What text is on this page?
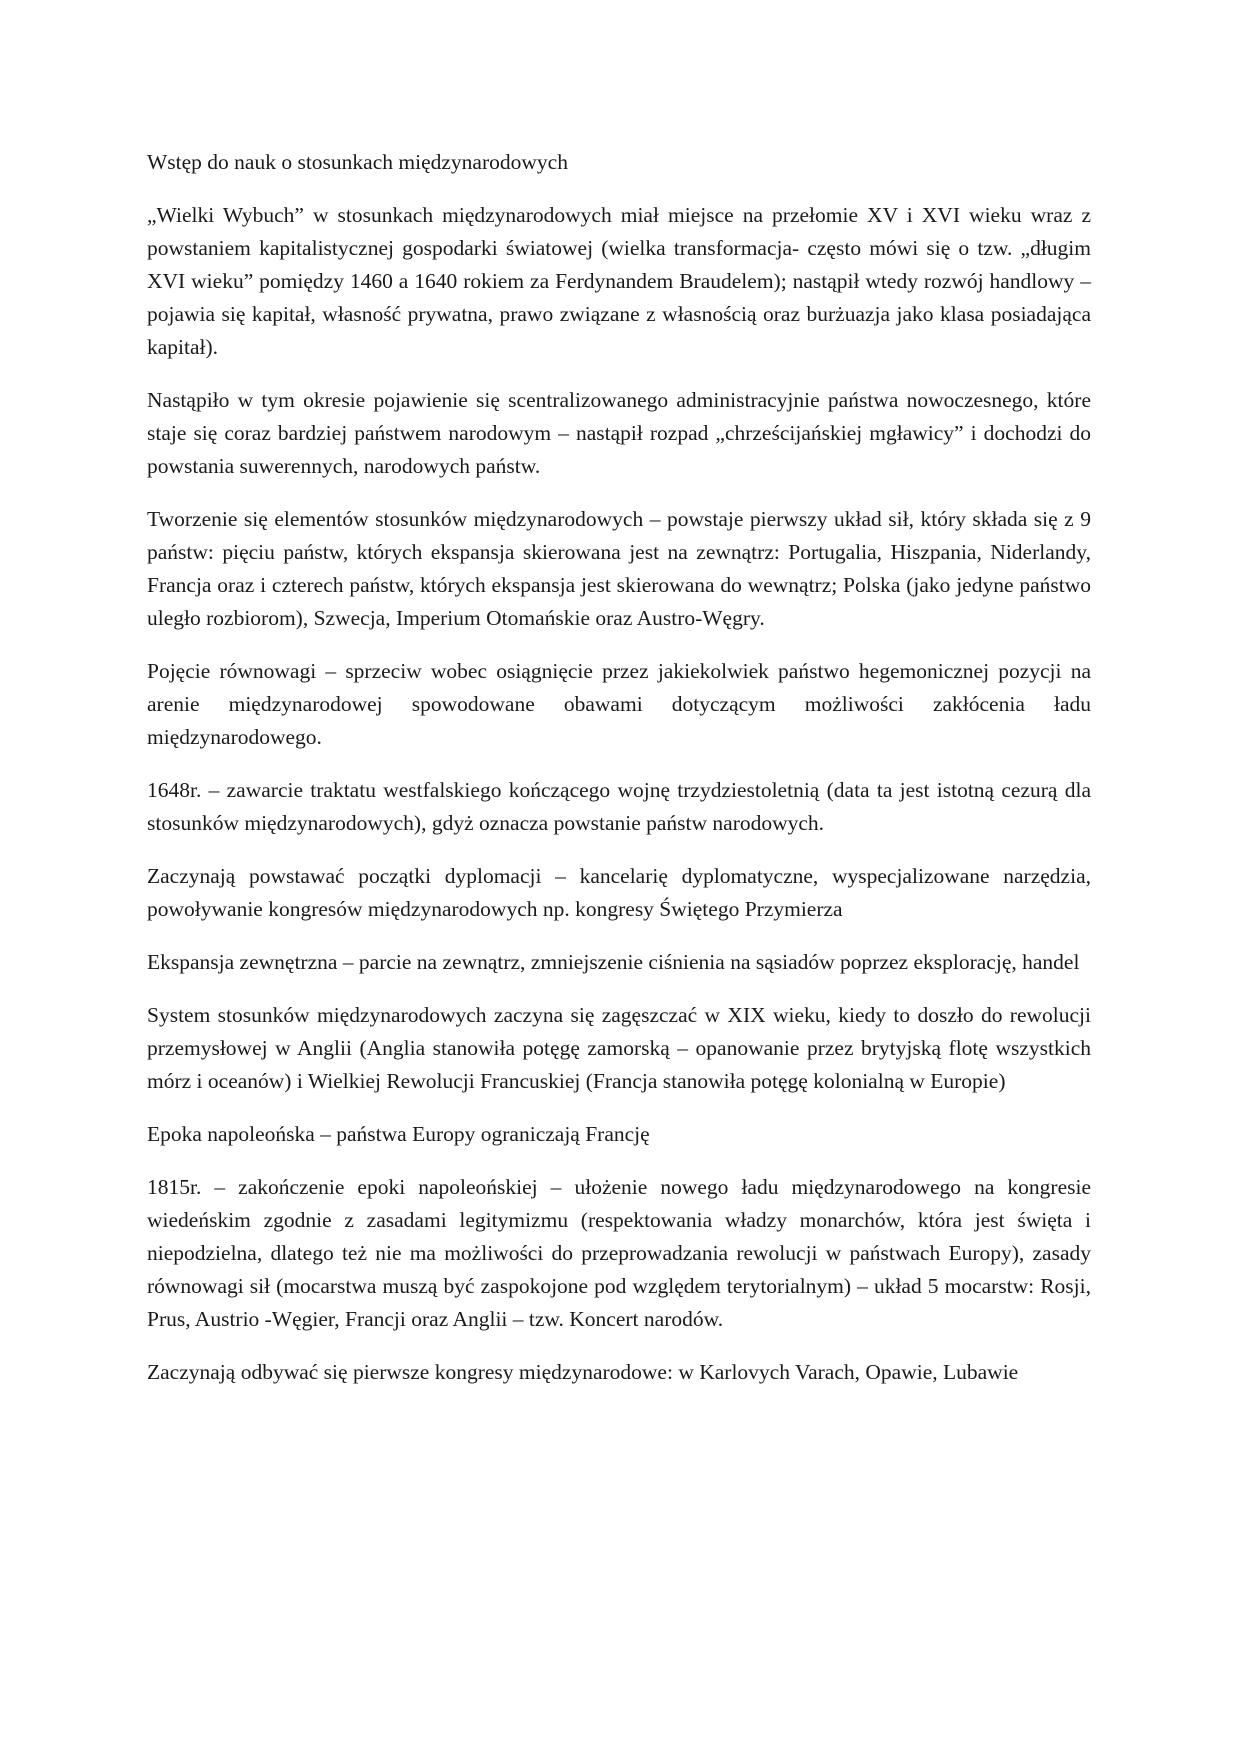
Wstęp do nauk o stosunkach międzynarodowych

„Wielki Wybuch” w stosunkach międzynarodowych miał miejsce na przełomie XV i XVI wieku wraz z powstaniem kapitalistycznej gospodarki światowej (wielka transformacja- często mówi się o tzw. „długim XVI wieku” pomiędzy 1460 a 1640 rokiem za Ferdynandem Braudelem); nastąpił wtedy rozwój handlowy – pojawia się kapitał, własność prywatna, prawo związane z własnością oraz burżuazja jako klasa posiadająca kapitał).

Nastąpiło w tym okresie pojawienie się scentralizowanego administracyjnie państwa nowoczesnego, które staje się coraz bardziej państwem narodowym – nastąpił rozpad „chrześcijańskiej mgławicy” i dochodzi do powstania suwerennych, narodowych państw.

Tworzenie się elementów stosunków międzynarodowych – powstaje pierwszy układ sił, który składa się z 9 państw: pięciu państw, których ekspansja skierowana jest na zewnątrz: Portugalia, Hiszpania, Niderlandy, Francja oraz i czterech państw, których ekspansja jest skierowana do wewnątrz; Polska (jako jedyne państwo uległo rozbiorom), Szwecja, Imperium Otomańskie oraz Austro-Węgry.

Pojęcie równowagi – sprzeciw wobec osiągnięcie przez jakiekolwiek państwo hegemonicznej pozycji na arenie międzynarodowej spowodowane obawami dotyczącym możliwości zakłócenia ładu międzynarodowego.

1648r. – zawarcie traktatu westfalskiego kończącego wojnę trzydziestoletnią (data ta jest istotną cezurą dla stosunków międzynarodowych), gdyż oznacza powstanie państw narodowych.

Zaczynają powstawać początki dyplomacji – kancelarię dyplomatyczne, wyspecjalizowane narzędzia, powoływanie kongresów międzynarodowych np. kongresy Świętego Przymierza

Ekspansja zewnętrzna – parcie na zewnątrz, zmniejszenie ciśnienia na sąsiadów poprzez eksplorację, handel

System stosunków międzynarodowych zaczyna się zagęszczać w XIX wieku, kiedy to doszło do rewolucji przemysłowej w Anglii (Anglia stanowiła potęgę zamorską – opanowanie przez brytyjską flotę wszystkich mórz i oceanów) i Wielkiej Rewolucji Francuskiej (Francja stanowiła potęgę kolonialną w Europie)

Epoka napoleońska – państwa Europy ograniczają Francję

1815r. – zakończenie epoki napoleońskiej – ułożenie nowego ładu międzynarodowego na kongresie wiedeńskim zgodnie z zasadami legitymizmu (respektowania władzy monarchów, która jest święta i niepodzielna, dlatego też nie ma możliwości do przeprowadzania rewolucji w państwach Europy), zasady równowagi sił (mocarstwa muszą być zaspokojone pod względem terytorialnym) – układ 5 mocarstw: Rosji, Prus, Austrio -Węgier, Francji oraz Anglii – tzw. Koncert narodów.

Zaczynają odbywać się pierwsze kongresy międzynarodowe: w Karlovych Varach, Opawie, Lubawie
